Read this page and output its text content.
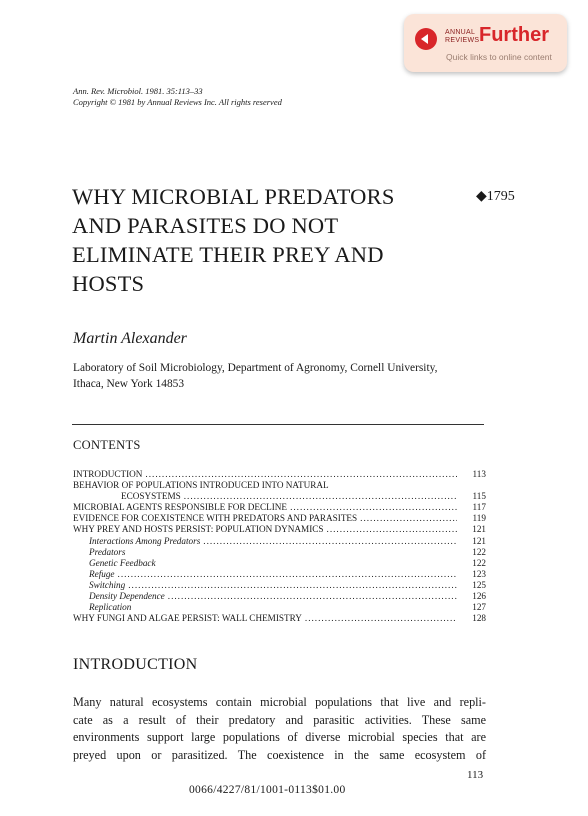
ANNUAL
REVIEWS Further
Quick links to online content
Ann. Rev. Microbiol. 1981. 35:113–33
Copyright © 1981 by Annual Reviews Inc. All rights reserved
WHY MICROBIAL PREDATORS
AND PARASITES DO NOT
ELIMINATE THEIR PREY AND
HOSTS
◆1795
Martin Alexander
Laboratory of Soil Microbiology, Department of Agronomy, Cornell University,
Ithaca, New York 14853
CONTENTS
INTRODUCTION .....	113
BEHAVIOR OF POPULATIONS INTRODUCED INTO NATURAL
ECOSYSTEMS .....	115
MICROBIAL AGENTS RESPONSIBLE FOR DECLINE .....	117
EVIDENCE FOR COEXISTENCE WITH PREDATORS AND PARASITES .....	119
WHY PREY AND HOSTS PERSIST: POPULATION DYNAMICS .....	121
Interactions Among Predators .....	121
Predators	122
Genetic Feedback	122
Refuge .....	123
Switching .....	125
Density Dependence .....	126
Replication	127
WHY FUNGI AND ALGAE PERSIST: WALL CHEMISTRY .....	128
INTRODUCTION

Many natural ecosystems contain microbial populations that live and repli-
cate as a result of their predatory and parasitic activities. These same
environments support large populations of diverse microbial species that are
preyed upon or parasitized. The coexistence in the same ecosystem of

113
0066/4227/81/1001-0113$01.00
